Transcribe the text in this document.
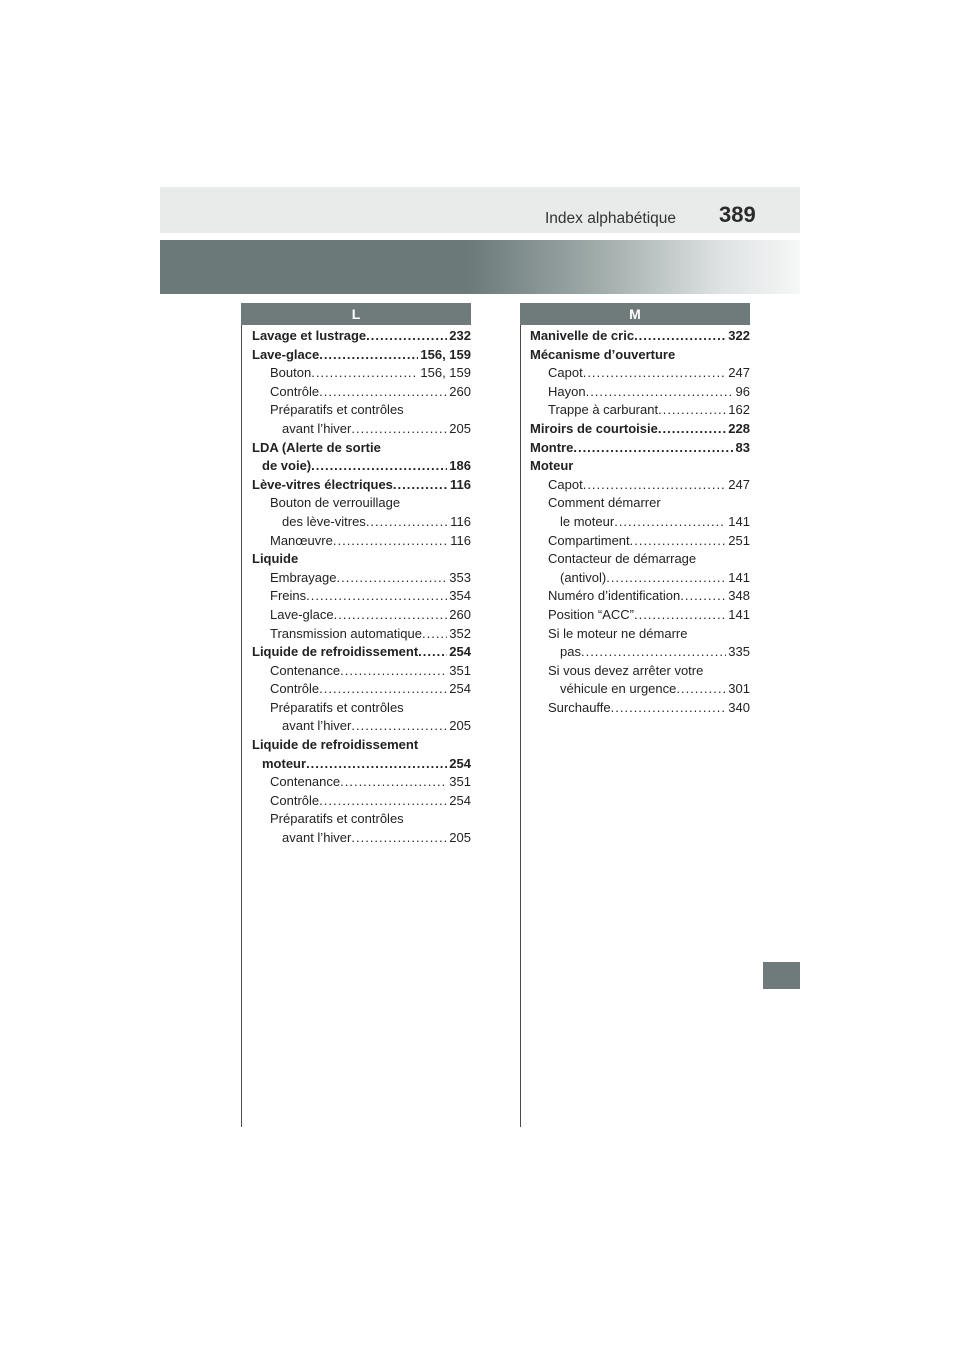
Index alphabétique 389
L	M
Lavage et lustrage .....	232
Lave-glace .....	156, 159
Bouton .....	156, 159
Contrôle .....	260
Préparatifs et contrôles
avant l’hiver .....	205
LDA (Alerte de sortie
de voie) .....	186
Lève-vitres électriques .....	116
Bouton de verrouillage
des lève-vitres .....	116
Manœuvre .....	116
Liquide
Embrayage .....	353
Freins .....	354
Lave-glace .....	260
Transmission automatique ..... 352
Liquide de refroidissement ..... 254
Contenance .....	351
Contrôle .....	254
Préparatifs et contrôles
avant l’hiver .....	205
Liquide de refroidissement
moteur .....	254
Contenance .....	351
Contrôle .....	254
Préparatifs et contrôles
avant l’hiver .....	205
Manivelle de cric .....	322
Mécanisme d’ouverture
Capot .....	247
Hayon .....	96
Trappe à carburant .....	162
Miroirs de courtoisie .....	228
Montre .....	83
Moteur
Capot .....	247
Comment démarrer
le moteur .....	141
Compartiment .....	251
Contacteur de démarrage
(antivol) .....	141
Numéro d’identification .....	348
Position “ACC” .....	141
Si le moteur ne démarre
pas .....	335
Si vous devez arrêter votre
véhicule en urgence .....	301
Surchauffe .....	340
